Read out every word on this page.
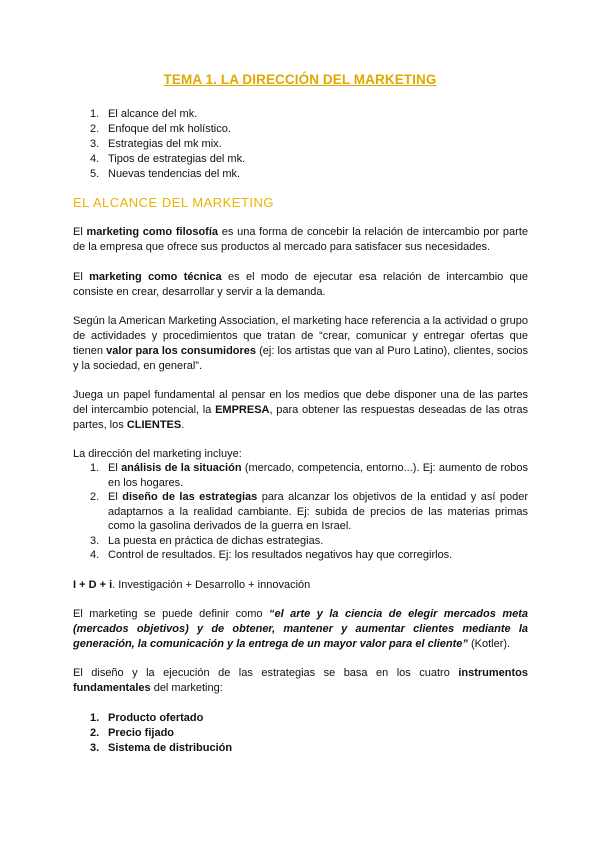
TEMA 1. LA DIRECCIÓN DEL MARKETING
1. El alcance del mk.
2. Enfoque del mk holístico.
3. Estrategias del mk mix.
4. Tipos de estrategias del mk.
5. Nuevas tendencias del mk.
EL ALCANCE DEL MARKETING
El marketing como filosofía es una forma de concebir la relación de intercambio por parte de la empresa que ofrece sus productos al mercado para satisfacer sus necesidades.
El marketing como técnica es el modo de ejecutar esa relación de intercambio que consiste en crear, desarrollar y servir a la demanda.
Según la American Marketing Association, el marketing hace referencia a la actividad o grupo de actividades y procedimientos que tratan de “crear, comunicar y entregar ofertas que tienen valor para los consumidores (ej: los artistas que van al Puro Latino), clientes, socios y la sociedad, en general”.
Juega un papel fundamental al pensar en los medios que debe disponer una de las partes del intercambio potencial, la EMPRESA, para obtener las respuestas deseadas de las otras partes, los CLIENTES.
La dirección del marketing incluye:
1. El análisis de la situación (mercado, competencia, entorno...). Ej: aumento de robos en los hogares.
2. El diseño de las estrategias para alcanzar los objetivos de la entidad y así poder adaptarnos a la realidad cambiante. Ej: subida de precios de las materias primas como la gasolina derivados de la guerra en Israel.
3. La puesta en práctica de dichas estrategias.
4. Control de resultados. Ej: los resultados negativos hay que corregirlos.
I + D + i. Investigación + Desarrollo + innovación
El marketing se puede definir como “el arte y la ciencia de elegir mercados meta (mercados objetivos) y de obtener, mantener y aumentar clientes mediante la generación, la comunicación y la entrega de un mayor valor para el cliente” (Kotler).
El diseño y la ejecución de las estrategias se basa en los cuatro instrumentos fundamentales del marketing:
1. Producto ofertado
2. Precio fijado
3. Sistema de distribución
